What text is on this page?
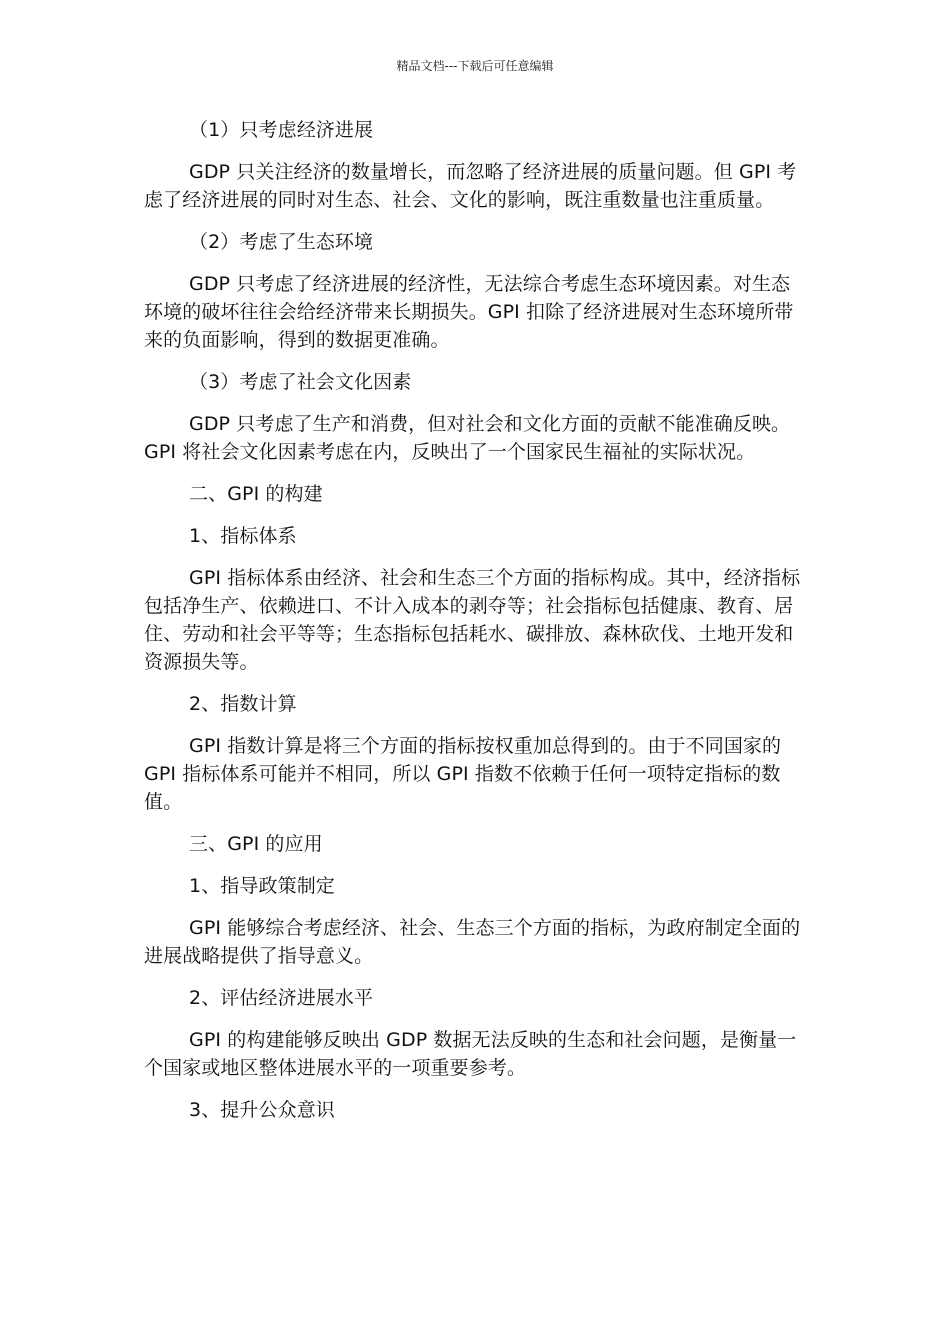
精品文档---下载后可任意编辑

（1）只考虑经济进展

GDP 只关注经济的数量增长，而忽略了经济进展的质量问题。但 GPI 考虑了经济进展的同时对生态、社会、文化的影响，既注重数量也注重质量。

（2）考虑了生态环境

GDP 只考虑了经济进展的经济性，无法综合考虑生态环境因素。对生态环境的破坏往往会给经济带来长期损失。GPI 扣除了经济进展对生态环境所带来的负面影响，得到的数据更准确。

（3）考虑了社会文化因素

GDP 只考虑了生产和消费，但对社会和文化方面的贡献不能准确反映。GPI 将社会文化因素考虑在内，反映出了一个国家民生福祉的实际状况。

二、GPI 的构建

1、指标体系

GPI 指标体系由经济、社会和生态三个方面的指标构成。其中，经济指标包括净生产、依赖进口、不计入成本的剥夺等；社会指标包括健康、教育、居住、劳动和社会平等等；生态指标包括耗水、碳排放、森林砍伐、土地开发和资源损失等。

2、指数计算

GPI 指数计算是将三个方面的指标按权重加总得到的。由于不同国家的 GPI 指标体系可能并不相同，所以 GPI 指数不依赖于任何一项特定指标的数值。

三、GPI 的应用

1、指导政策制定

GPI 能够综合考虑经济、社会、生态三个方面的指标，为政府制定全面的进展战略提供了指导意义。

2、评估经济进展水平

GPI 的构建能够反映出 GDP 数据无法反映的生态和社会问题，是衡量一个国家或地区整体进展水平的一项重要参考。

3、提升公众意识
